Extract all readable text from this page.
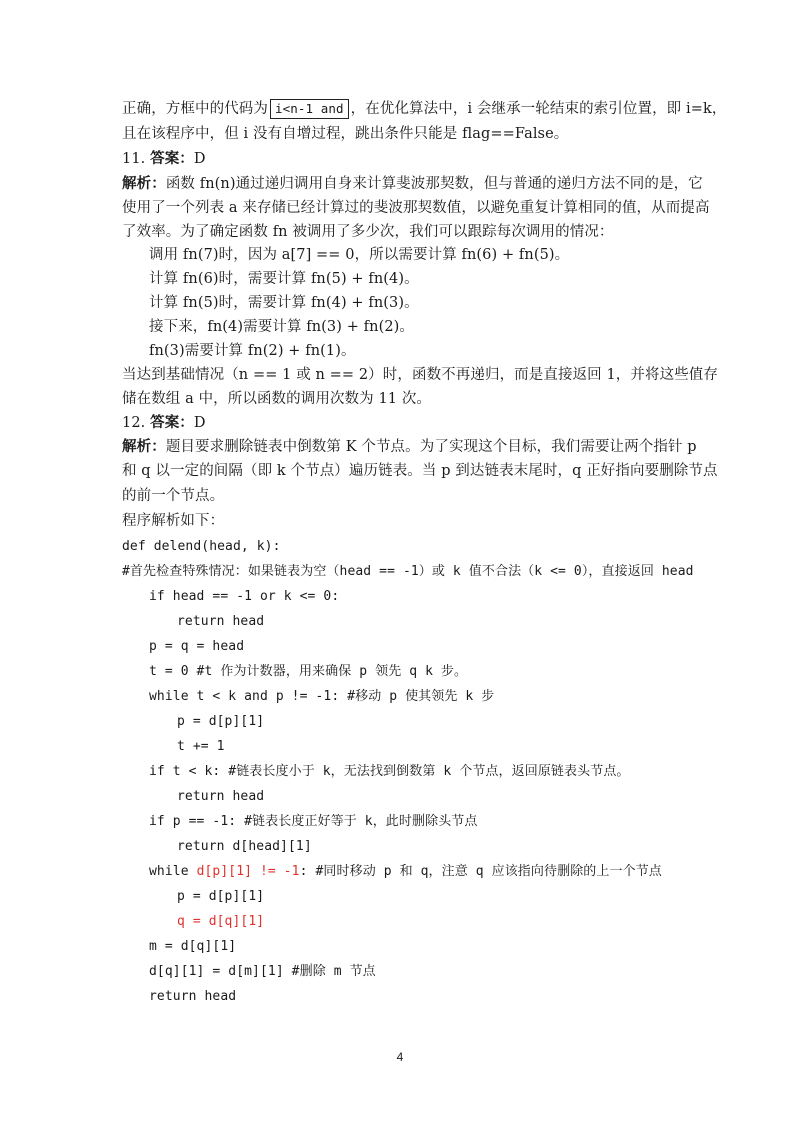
正确，方框中的代码为 i<n-1 and ，在优化算法中，i 会继承一轮结束的索引位置，即 i=k，
且在该程序中，但 i 没有自增过程，跳出条件只能是 flag==False。
11. 答案：D
解析：函数 fn(n)通过递归调用自身来计算斐波那契数，但与普通的递归方法不同的是，它
使用了一个列表 a 来存储已经计算过的斐波那契数值，以避免重复计算相同的值，从而提高
了效率。为了确定函数 fn 被调用了多少次，我们可以跟踪每次调用的情况：
调用 fn(7)时，因为 a[7] == 0，所以需要计算 fn(6) + fn(5)。
计算 fn(6)时，需要计算 fn(5) + fn(4)。
计算 fn(5)时，需要计算 fn(4) + fn(3)。
接下来，fn(4)需要计算 fn(3) + fn(2)。
fn(3)需要计算 fn(2) + fn(1)。
当达到基础情况（n == 1 或 n == 2）时，函数不再递归，而是直接返回 1，并将这些值存
储在数组 a 中，所以函数的调用次数为 11 次。
12. 答案：D
解析：题目要求删除链表中倒数第 K 个节点。为了实现这个目标，我们需要让两个指针 p
和 q 以一定的间隔（即 k 个节点）遍历链表。当 p 到达链表末尾时，q 正好指向要删除节点
的前一个节点。
程序解析如下：
def delend(head, k):
#首先检查特殊情况：如果链表为空（head == -1）或 k 值不合法（k <= 0），直接返回 head
if head == -1 or k <= 0:
return head
p = q = head
t = 0 #t 作为计数器，用来确保 p 领先 q k 步。
while t < k and p != -1: #移动 p 使其领先 k 步
p = d[p][1]
t += 1
if t < k: #链表长度小于 k，无法找到倒数第 k 个节点，返回原链表头节点。
return head
if p == -1: #链表长度正好等于 k，此时删除头节点
return d[head][1]
while d[p][1] != -1: #同时移动 p 和 q，注意 q 应该指向待删除的上一个节点
p = d[p][1]
q = d[q][1]
m = d[q][1]
d[q][1] = d[m][1] #删除 m 节点
return head
4
